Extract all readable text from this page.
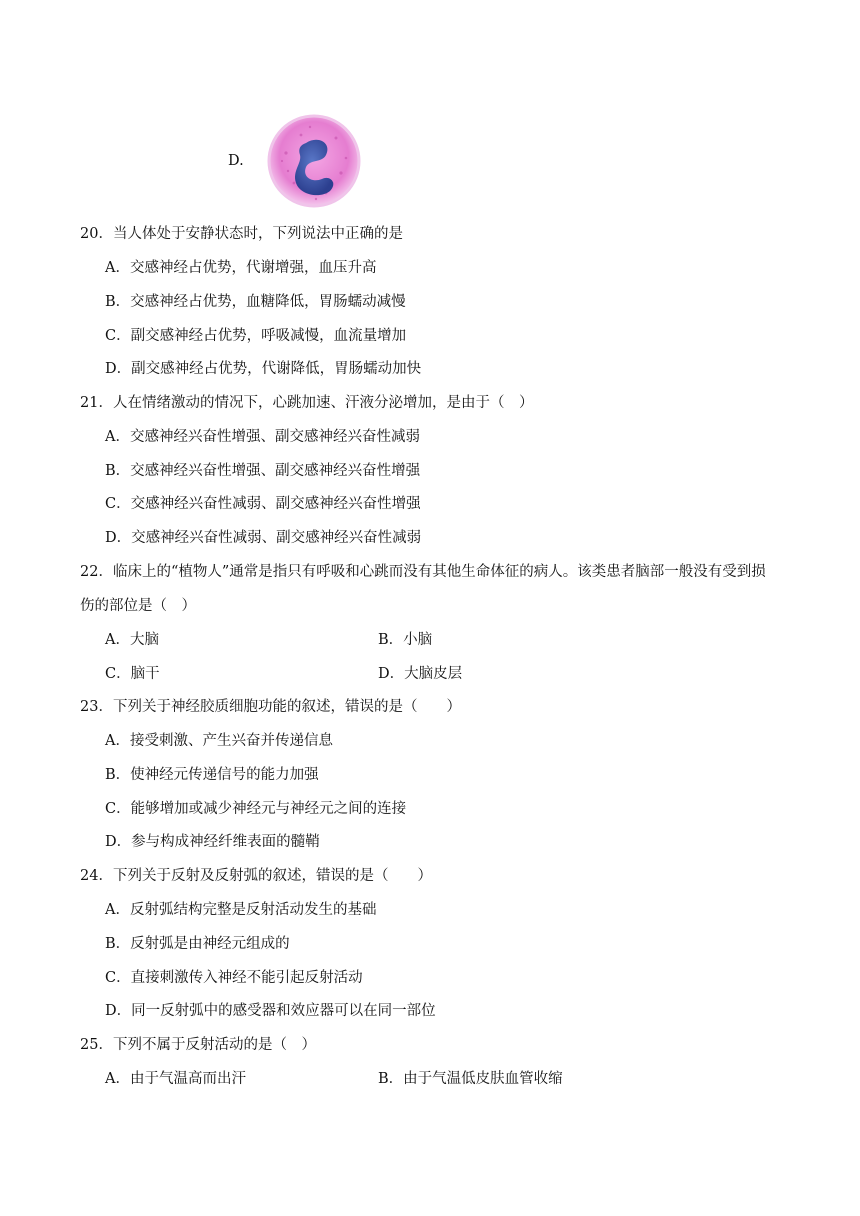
D.
20．当人体处于安静状态时，下列说法中正确的是
A．交感神经占优势，代谢增强，血压升高
B．交感神经占优势，血糖降低，胃肠蠕动减慢
C．副交感神经占优势，呼吸减慢，血流量增加
D．副交感神经占优势，代谢降低，胃肠蠕动加快
21．人在情绪激动的情况下，心跳加速、汗液分泌增加，是由于（　）
A．交感神经兴奋性增强、副交感神经兴奋性减弱
B．交感神经兴奋性增强、副交感神经兴奋性增强
C．交感神经兴奋性减弱、副交感神经兴奋性增强
D．交感神经兴奋性减弱、副交感神经兴奋性减弱
22．临床上的“植物人”通常是指只有呼吸和心跳而没有其他生命体征的病人。该类患者脑部一般没有受到损
伤的部位是（　）
A．大脑	B．小脑
C．脑干	D．大脑皮层
23．下列关于神经胶质细胞功能的叙述，错误的是（　　）
A．接受刺激、产生兴奋并传递信息
B．使神经元传递信号的能力加强
C．能够增加或减少神经元与神经元之间的连接
D．参与构成神经纤维表面的髓鞘
24．下列关于反射及反射弧的叙述，错误的是（　　）
A．反射弧结构完整是反射活动发生的基础
B．反射弧是由神经元组成的
C．直接刺激传入神经不能引起反射活动
D．同一反射弧中的感受器和效应器可以在同一部位
25．下列不属于反射活动的是（　）
A．由于气温高而出汗	B．由于气温低皮肤血管收缩
